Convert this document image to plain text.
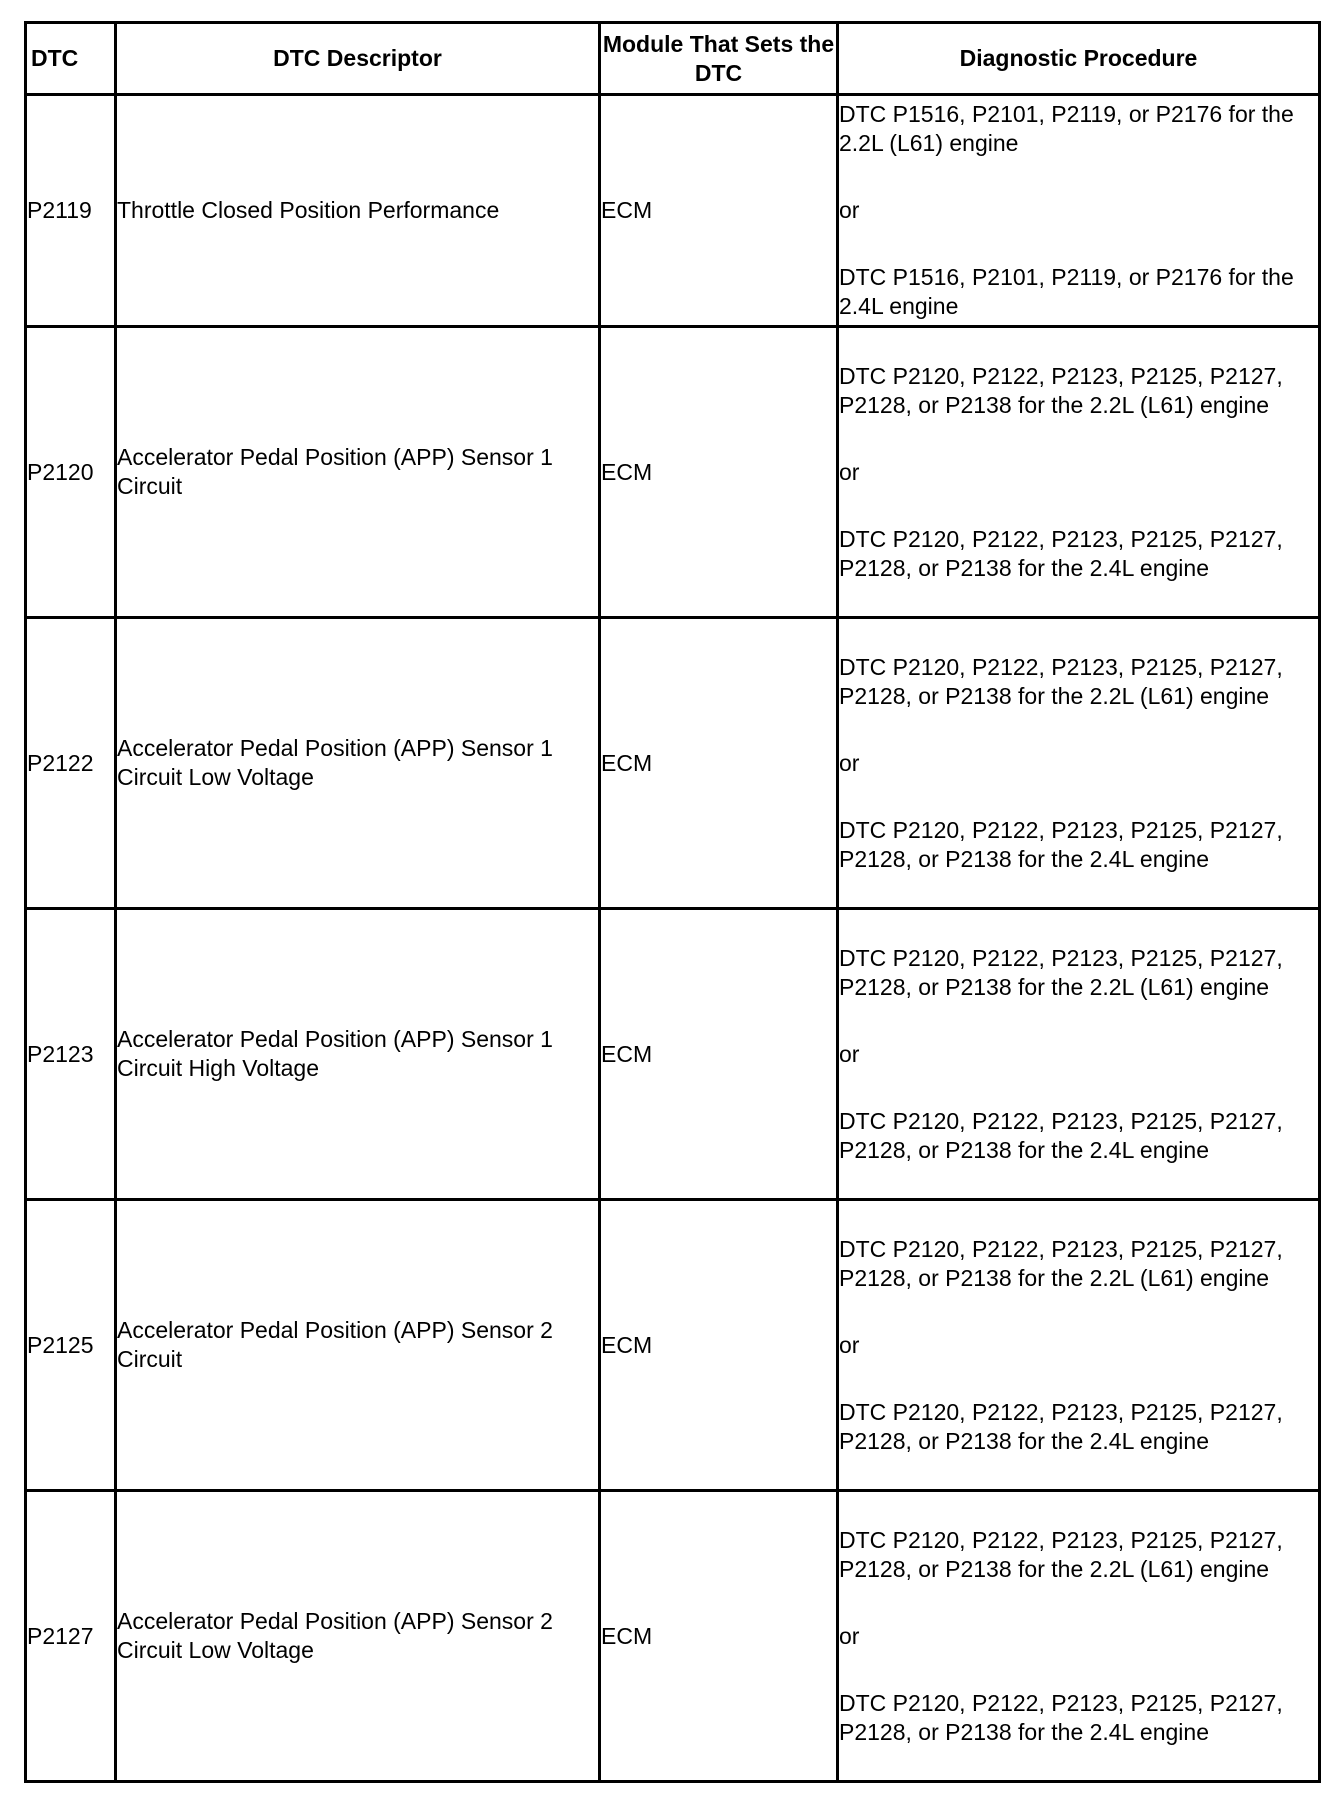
DTC	DTC Descriptor	Module That Sets the DTC	Diagnostic Procedure
P2119	Throttle Closed Position Performance	ECM	DTC P1516, P2101, P2119, or P2176 for the 2.2L (L61) engine
or
DTC P1516, P2101, P2119, or P2176 for the 2.4L engine

P2120	Accelerator Pedal Position (APP) Sensor 1 Circuit	ECM	DTC P2120, P2122, P2123, P2125, P2127, P2128, or P2138 for the 2.2L (L61) engine
or
DTC P2120, P2122, P2123, P2125, P2127, P2128, or P2138 for the 2.4L engine

P2122	Accelerator Pedal Position (APP) Sensor 1 Circuit Low Voltage	ECM	DTC P2120, P2122, P2123, P2125, P2127, P2128, or P2138 for the 2.2L (L61) engine
or
DTC P2120, P2122, P2123, P2125, P2127, P2128, or P2138 for the 2.4L engine

P2123	Accelerator Pedal Position (APP) Sensor 1 Circuit High Voltage	ECM	DTC P2120, P2122, P2123, P2125, P2127, P2128, or P2138 for the 2.2L (L61) engine
or
DTC P2120, P2122, P2123, P2125, P2127, P2128, or P2138 for the 2.4L engine

P2125	Accelerator Pedal Position (APP) Sensor 2 Circuit	ECM	DTC P2120, P2122, P2123, P2125, P2127, P2128, or P2138 for the 2.2L (L61) engine
or
DTC P2120, P2122, P2123, P2125, P2127, P2128, or P2138 for the 2.4L engine

P2127	Accelerator Pedal Position (APP) Sensor 2 Circuit Low Voltage	ECM	DTC P2120, P2122, P2123, P2125, P2127, P2128, or P2138 for the 2.2L (L61) engine
or
DTC P2120, P2122, P2123, P2125, P2127, P2128, or P2138 for the 2.4L engine
